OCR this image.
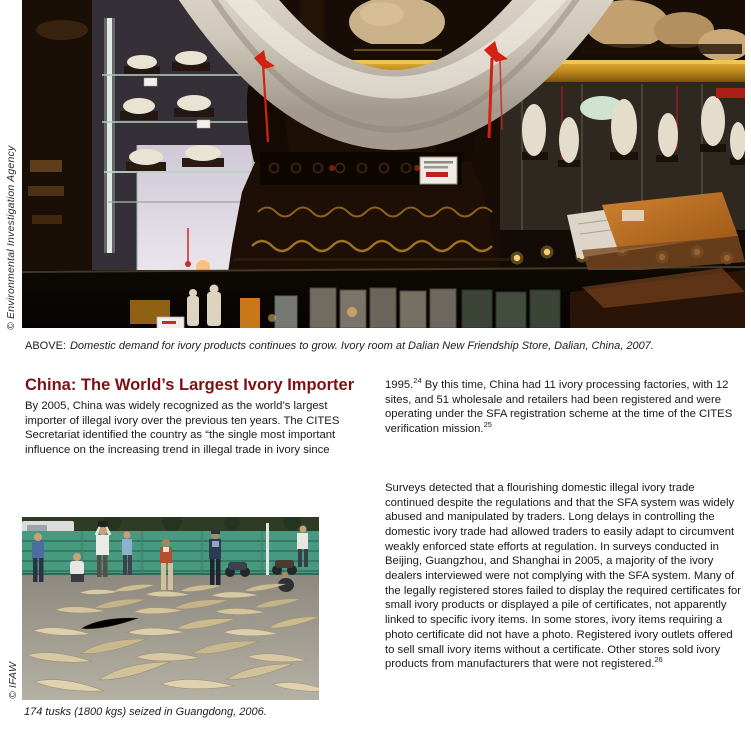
© Environmental Investigation Agency
ABOVE: Domestic demand for ivory products continues to grow. Ivory room at Dalian New Friendship Store, Dalian, China, 2007.
China: The World’s Largest Ivory Importer

By 2005, China was widely recognized as the world’s largest importer of illegal ivory over the previous ten years. The CITES Secretariat identified the country as “the single most important influence on the increasing trend in illegal trade in ivory since

1995.24 By this time, China had 11 ivory processing factories, with 12 sites, and 51 wholesale and retailers had been registered and were operating under the SFA registration scheme at the time of the CITES verification mission.$^{25}$

Surveys detected that a flourishing domestic illegal ivory trade continued despite the regulations and that the SFA system was widely abused and manipulated by traders. Long delays in controlling the domestic ivory trade had allowed traders to easily adapt to circumvent weakly enforced state efforts at regulation. In surveys conducted in Beijing, Guangzhou, and Shanghai in 2005, a majority of the ivory dealers interviewed were not complying with the SFA system. Many of the legally registered stores failed to display the required certificates for small ivory products or displayed a pile of certificates, not apparently linked to specific ivory items. In some stores, ivory items requiring a photo certificate did not have a photo. Registered ivory outlets offered to sell small ivory items without a certificate. Other stores sold ivory products from manufacturers that were not registered.$^{26}$

© IFAW
174 tusks (1800 kgs) seized in Guangdong, 2006.
